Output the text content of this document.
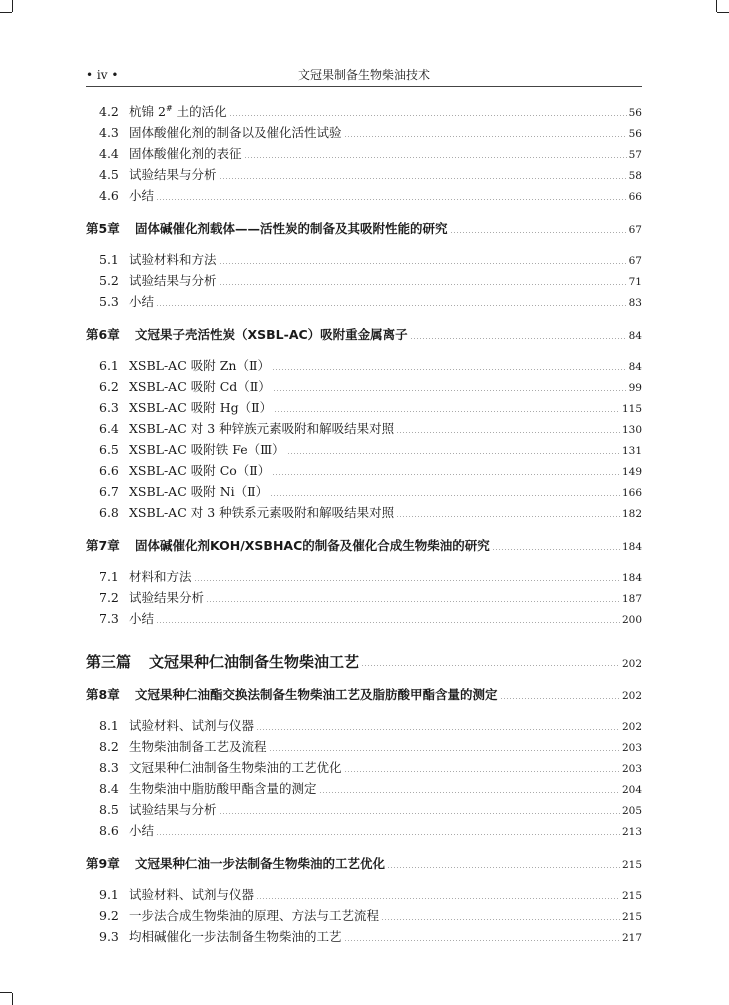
• iv •	文冠果制备生物柴油技术
4.2 杭锦 2# 土的活化	56
4.3 固体酸催化剂的制备以及催化活性试验	56
4.4 固体酸催化剂的表征	57
4.5 试验结果与分析	58
4.6 小结	66
第5章	固体碱催化剂载体——活性炭的制备及其吸附性能的研究	67
5.1 试验材料和方法	67
5.2 试验结果与分析	71
5.3 小结	83
第6章	文冠果子壳活性炭（XSBL-AC）吸附重金属离子	84
6.1 XSBL-AC 吸附 Zn（Ⅱ）	84
6.2 XSBL-AC 吸附 Cd（Ⅱ）	99
6.3 XSBL-AC 吸附 Hg（Ⅱ）	115
6.4 XSBL-AC 对 3 种锌族元素吸附和解吸结果对照	130
6.5 XSBL-AC 吸附铁 Fe（Ⅲ）	131
6.6 XSBL-AC 吸附 Co（Ⅱ）	149
6.7 XSBL-AC 吸附 Ni（Ⅱ）	166
6.8 XSBL-AC 对 3 种铁系元素吸附和解吸结果对照	182
第7章	固体碱催化剂KOH/XSBHAC的制备及催化合成生物柴油的研究	184
7.1 材料和方法	184
7.2 试验结果分析	187
7.3 小结	200
第三篇	文冠果种仁油制备生物柴油工艺	202
第8章	文冠果种仁油酯交换法制备生物柴油工艺及脂肪酸甲酯含量的测定	202
8.1 试验材料、试剂与仪器	202
8.2 生物柴油制备工艺及流程	203
8.3 文冠果种仁油制备生物柴油的工艺优化	203
8.4 生物柴油中脂肪酸甲酯含量的测定	204
8.5 试验结果与分析	205
8.6 小结	213
第9章	文冠果种仁油一步法制备生物柴油的工艺优化	215
9.1 试验材料、试剂与仪器	215
9.2 一步法合成生物柴油的原理、方法与工艺流程	215
9.3 均相碱催化一步法制备生物柴油的工艺	217
